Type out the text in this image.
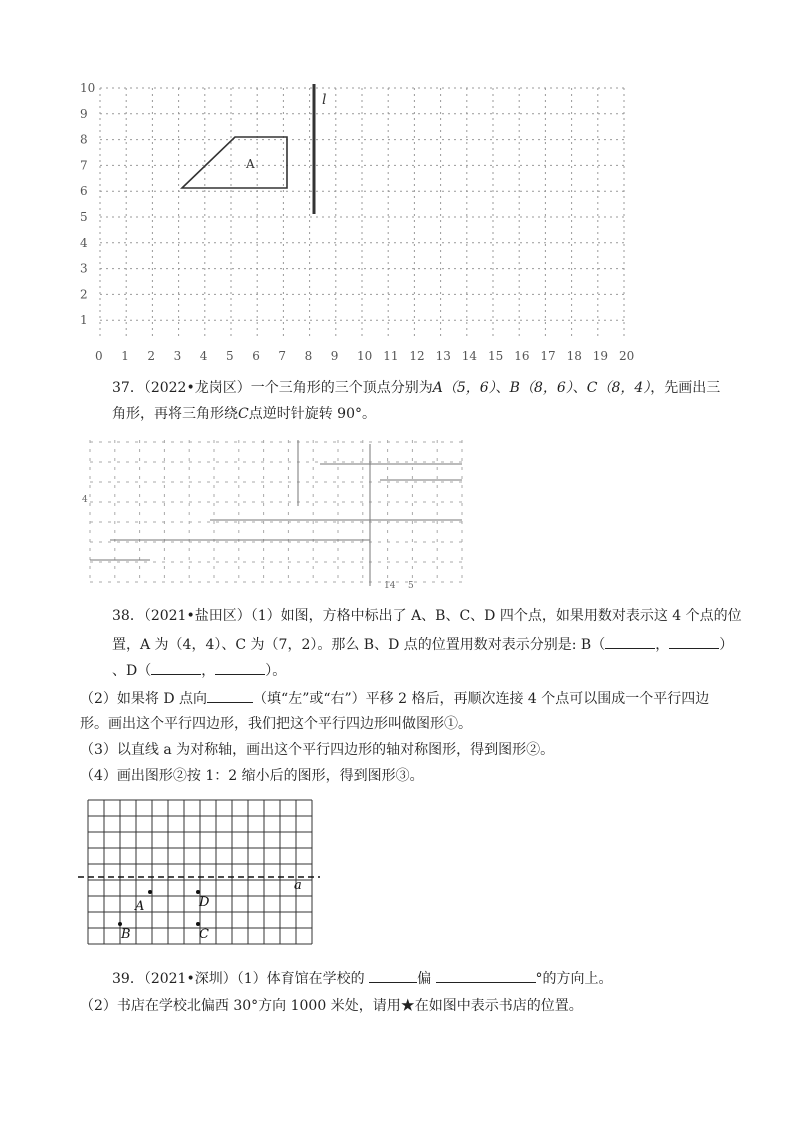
10
9
8
7
6
5
4
3
2
1
0 1 2 3 4 5 6 7 8 9 10 11 12 13 14 15 16 17 18 19 20
A
l
37．（2022•龙岗区）一个三角形的三个顶点分别为A（5，6）、B（8，6）、C（8，4），先画出三
角形，再将三角形绕C点逆时针旋转 90°。
4
14 5
38．（2021•盐田区）（1）如图，方格中标出了 A、B、C、D 四个点，如果用数对表示这 4 个点的位
置，A 为（4，4）、C 为（7，2）。那么 B、D 点的位置用数对表示分别是: B（	，	）
、D（	，	）。
（2）如果将 D 点向	（填“左”或“右”）平移 2 格后，再顺次连接 4 个点可以围成一个平行四边
形。画出这个平行四边形，我们把这个平行四边形叫做图形①。
（3）以直线 a 为对称轴，画出这个平行四边形的轴对称图形，得到图形②。
（4）画出图形②按 1：2 缩小后的图形，得到图形③。
A
B	C
D
a
39．（2021•深圳）（1）体育馆在学校的	偏	°的方向上。
（2）书店在学校北偏西 30°方向 1000 米处，请用★在如图中表示书店的位置。
